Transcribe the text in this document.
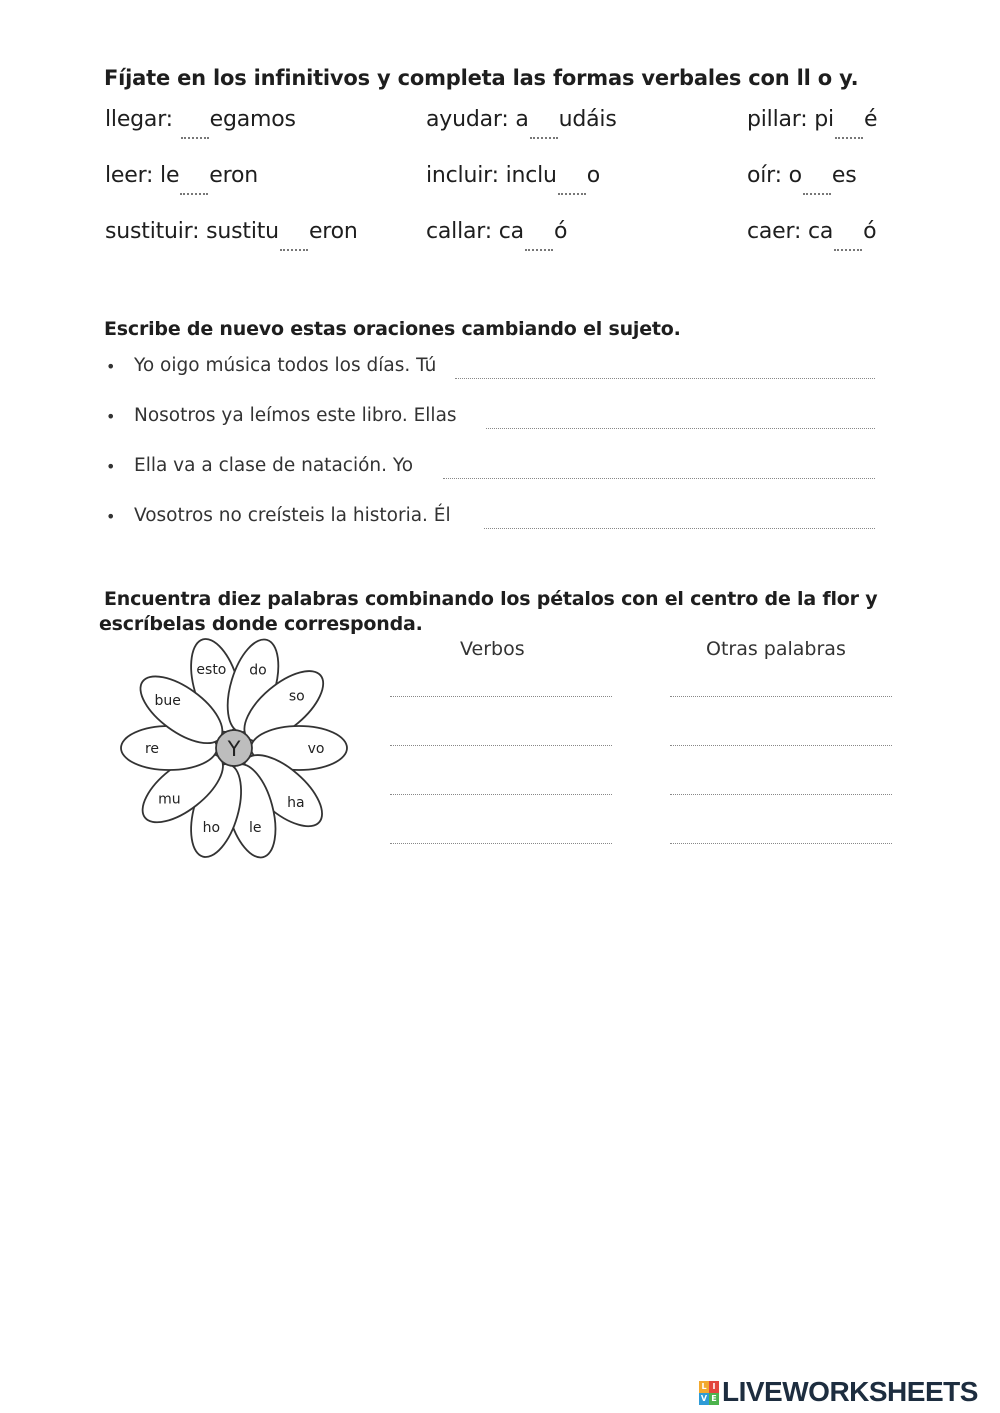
Fíjate en los infinitivos y completa las formas verbales con ll o y.
llegar: egamos	ayudar: a udáis	pillar: pi é
leer: le eron	incluir: inclu o	oír: o es
sustituir: sustitu eron	callar: ca ó	caer: ca ó
Escribe de nuevo estas oraciones cambiando el sujeto.
• Yo oigo música todos los días. Tú
• Nosotros ya leímos este libro. Ellas
• Ella va a clase de natación. Yo
• Vosotros no creísteis la historia. Él
Encuentra diez palabras combinando los pétalos con el centro de la flor y
escríbelas donde corresponda.
Verbos	Otras palabras
esto do
so
vo
ha
le
ho
mu
re
bue
Y
L I
V E LIVEWORKSHEETS
